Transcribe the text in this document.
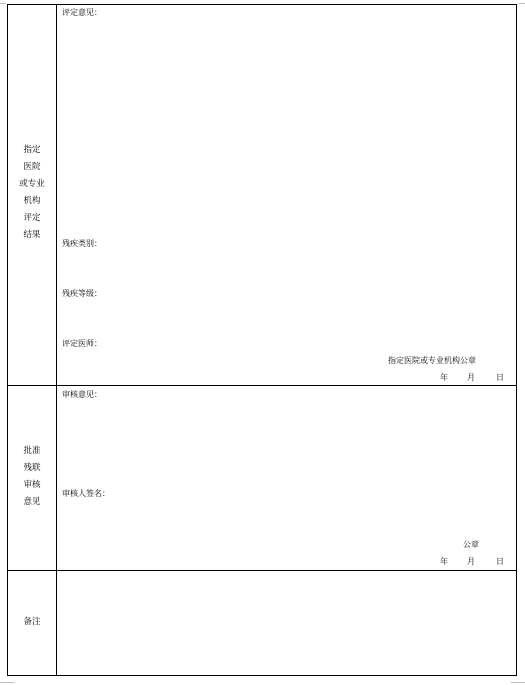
指定
医院
或专业
机构
评定
结果
评定意见：
残疾类别：
残疾等级：
评定医师：
指定医院或专业机构公章
年 月	日
批准
残联
审核
意见
审核意见：
审核人签名：
公章
年 月	日
备注
